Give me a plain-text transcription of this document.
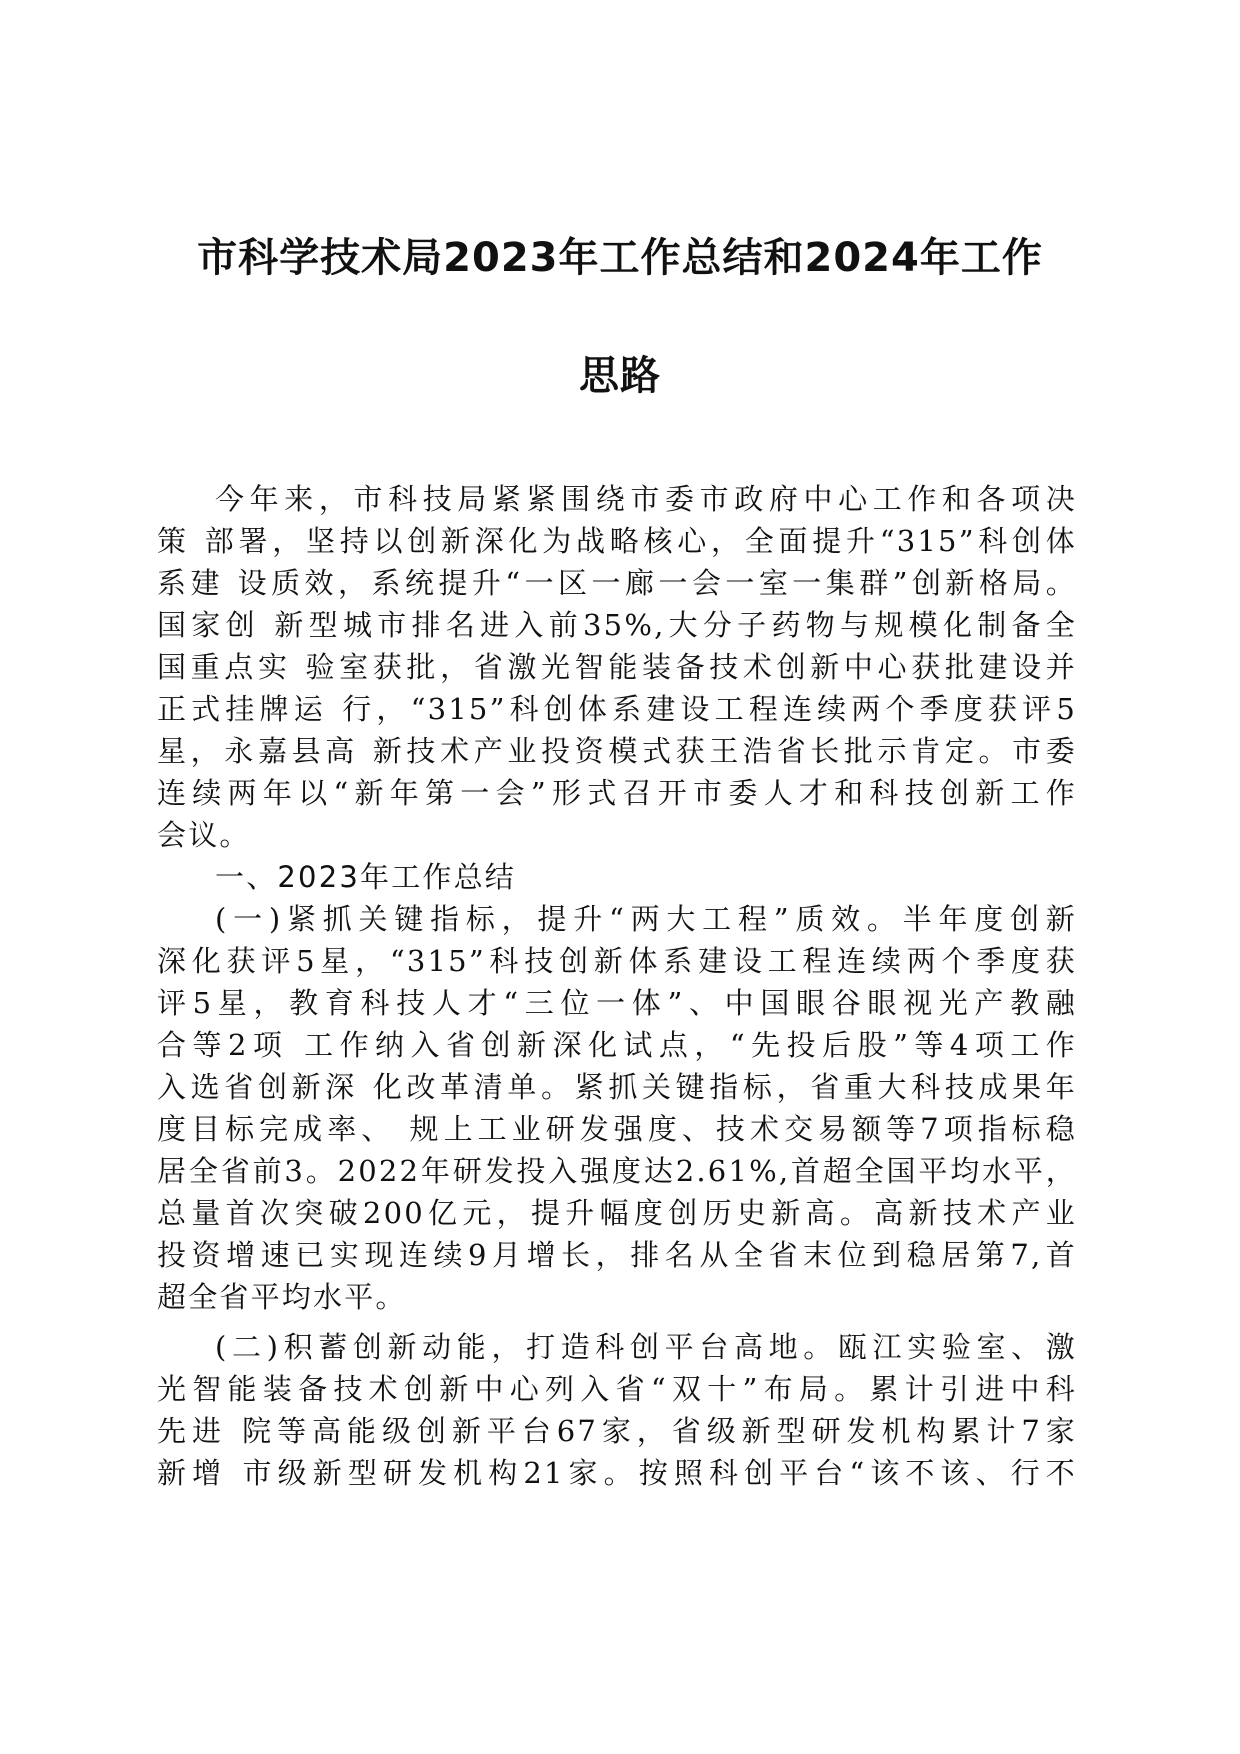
市科学技术局2023年工作总结和2024年工作
思路
今年来，市科技局紧紧围绕市委市政府中心工作和各项决
策 部署，坚持以创新深化为战略核心，全面提升“315”科创体
系建 设质效，系统提升“一区一廊一会一室一集群”创新格局。
国家创 新型城市排名进入前35%,大分子药物与规模化制备全
国重点实 验室获批，省激光智能装备技术创新中心获批建设并
正式挂牌运 行，“315”科创体系建设工程连续两个季度获评5
星，永嘉县高 新技术产业投资模式获王浩省长批示肯定。市委
连续两年以“新年第一会”形式召开市委人才和科技创新工作
会议。
一、2023年工作总结
(一)紧抓关键指标，提升“两大工程”质效。半年度创新
深化获评5星，“315”科技创新体系建设工程连续两个季度获
评5星，教育科技人才“三位一体”、中国眼谷眼视光产教融
合等2项 工作纳入省创新深化试点，“先投后股”等4项工作
入选省创新深 化改革清单。紧抓关键指标，省重大科技成果年
度目标完成率、 规上工业研发强度、技术交易额等7项指标稳
居全省前3。2022年研发投入强度达2.61%,首超全国平均水平，
总量首次突破200亿元，提升幅度创历史新高。高新技术产业
投资增速已实现连续9月增长，排名从全省末位到稳居第7,首
超全省平均水平。
(二)积蓄创新动能，打造科创平台高地。瓯江实验室、激
光智能装备技术创新中心列入省“双十”布局。累计引进中科
先进 院等高能级创新平台67家，省级新型研发机构累计7家
新增 市级新型研发机构21家。按照科创平台“该不该、行不
